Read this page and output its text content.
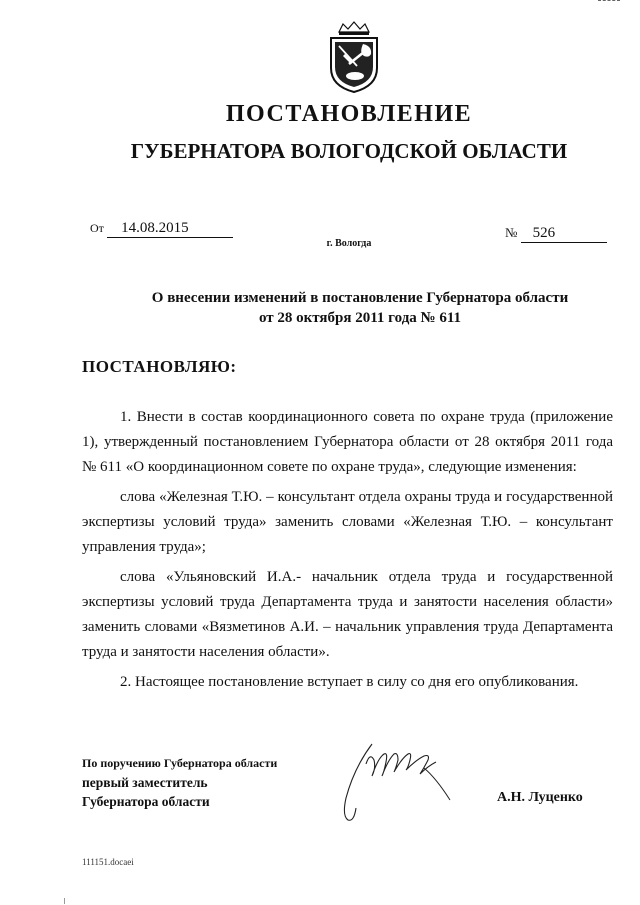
ПОСТАНОВЛЕНИЕ
ГУБЕРНАТОРА ВОЛОГОДСКОЙ ОБЛАСТИ
От 14.08.2015	№ 526
г. Вологда
О внесении изменений в постановление Губернатора области
от 28 октября 2011 года № 611
ПОСТАНОВЛЯЮ:

1. Внести в состав координационного совета по охране труда (приложение 1), утвержденный постановлением Губернатора области от 28 октября 2011 года № 611 «О координационном совете по охране труда», следующие изменения:

слова «Железная Т.Ю. – консультант отдела охраны труда и государственной экспертизы условий труда» заменить словами «Железная Т.Ю. – консультант управления труда»;

слова «Ульяновский И.А.- начальник отдела труда и государственной экспертизы условий труда Департамента труда и занятости населения области» заменить словами «Вязметинов А.И. – начальник управления труда Департамента труда и занятости населения области».

2. Настоящее постановление вступает в силу со дня его опубликования.

По поручению Губернатора области
первый заместитель
Губернатора области	А.Н. Луценко
111151.docaei
